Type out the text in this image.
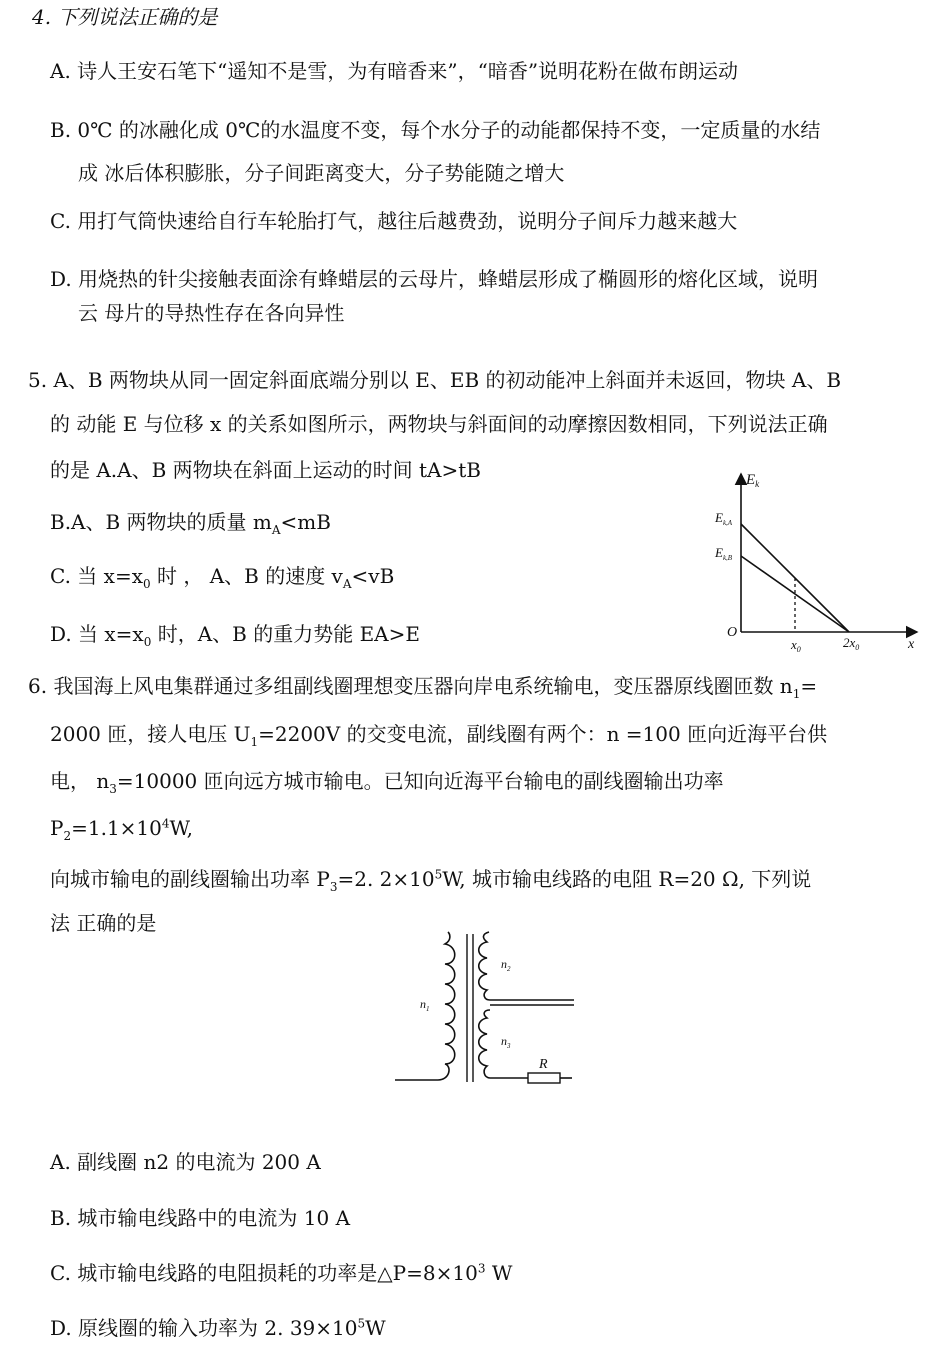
4. 下列说法正确的是
A. 诗人王安石笔下“遥知不是雪，为有暗香来”，“暗香”说明花粉在做布朗运动
B. 0℃ 的冰融化成 0℃的水温度不变，每个水分子的动能都保持不变，一定质量的水结
成 冰后体积膨胀，分子间距离变大，分子势能随之增大
C. 用打气筒快速给自行车轮胎打气，越往后越费劲，说明分子间斥力越来越大
D. 用烧热的针尖接触表面涂有蜂蜡层的云母片，蜂蜡层形成了椭圆形的熔化区域，说明
云 母片的导热性存在各向异性
5. A、B 两物块从同一固定斜面底端分别以 E、EB 的初动能冲上斜面并未返回，物块 A、B
的 动能 E 与位移 x 的关系如图所示，两物块与斜面间的动摩擦因数相同，下列说法正确
的是 A.A、B 两物块在斜面上运动的时间 tA>tB
B.A、B 两物块的质量 $m_A<mB$
C. 当 $x=x_0$ 时 ， A、B 的速度 $v_A<vB$
D. 当 $x=x_0$ 时，A、B 的重力势能 EA>E
$E_k$
$E_{k,A}$
$E_{k,B}$
O
$x_0$	$2x_0$	x
6. 我国海上风电集群通过多组副线圈理想变压器向岸电系统输电，变压器原线圈匝数 $n_1=$
2000 匝，接人电压 $U_1=2200V$ 的交变电流，副线圈有两个：n =100 匝向近海平台供
电， $n_3=10000$ 匝向远方城市输电。已知向近海平台输电的副线圈输出功率
$P_2=1.1\times 10^4W$,
向城市输电的副线圈输出功率 $P_3=2$. $2\times 10^5W$, 城市输电线路的电阻 R=20 Ω, 下列说
法 正确的是
$n_1$
$n_2$
$n_3$
R
A. 副线圈 n2 的电流为 200 A
B. 城市输电线路中的电流为 10 A
C. 城市输电线路的电阻损耗的功率是$\triangle P=8\times 10^3$ W
D. 原线圈的输入功率为 2. $39\times 10^5W$
